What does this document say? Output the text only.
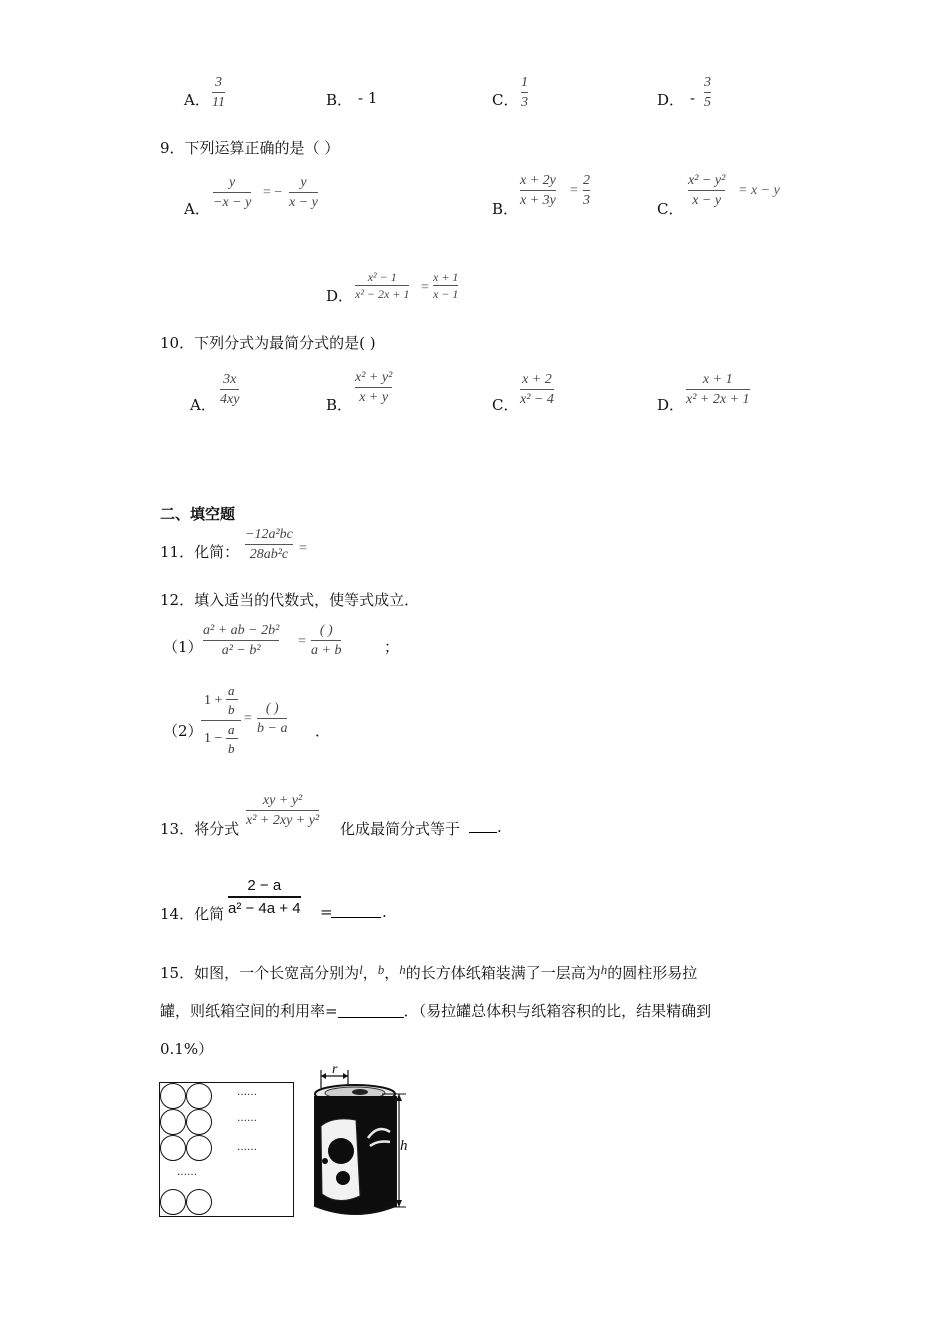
A．
3
11	B． - 1	C．
1
3	D． -
3
5
9．下列运算正确的是（ ）
A．
y
−x − y
= −
y
x − y	B．
x + 2y
x + 3y
=
2
3	C．
x² − y²
x − y
= x − y
D．
x² − 1
x² − 2x + 1 =
x + 1
x − 1
10．下列分式为最简分式的是( )
A．
3x
4xy	B．
x² + y²
x + y	C．
x + 2
x² − 4	D．
x + 1
x² + 2x + 1
二、填空题
11．化简：
−12a²bc
28ab²c =
12．填入适当的代数式，使等式成立．
（1）
a² + ab − 2b²
a² − b²
=
( )
a + b	；
（2）
1 +
a
b
1 −
a
b
=
( )
b − a ．
13．将分式
xy + y²
x² + 2xy + y² 化成最简分式等于 .
14．化简
2 − a
a² − 4a + 4 =	.
15．如图，一个长宽高分别为l，b，h的长方体纸箱装满了一层高为h的圆柱形易拉
罐，则纸箱空间的利用率=	．（易拉罐总体积与纸箱容积的比，结果精确到
0.1%）
……
……
……
……
r
h
